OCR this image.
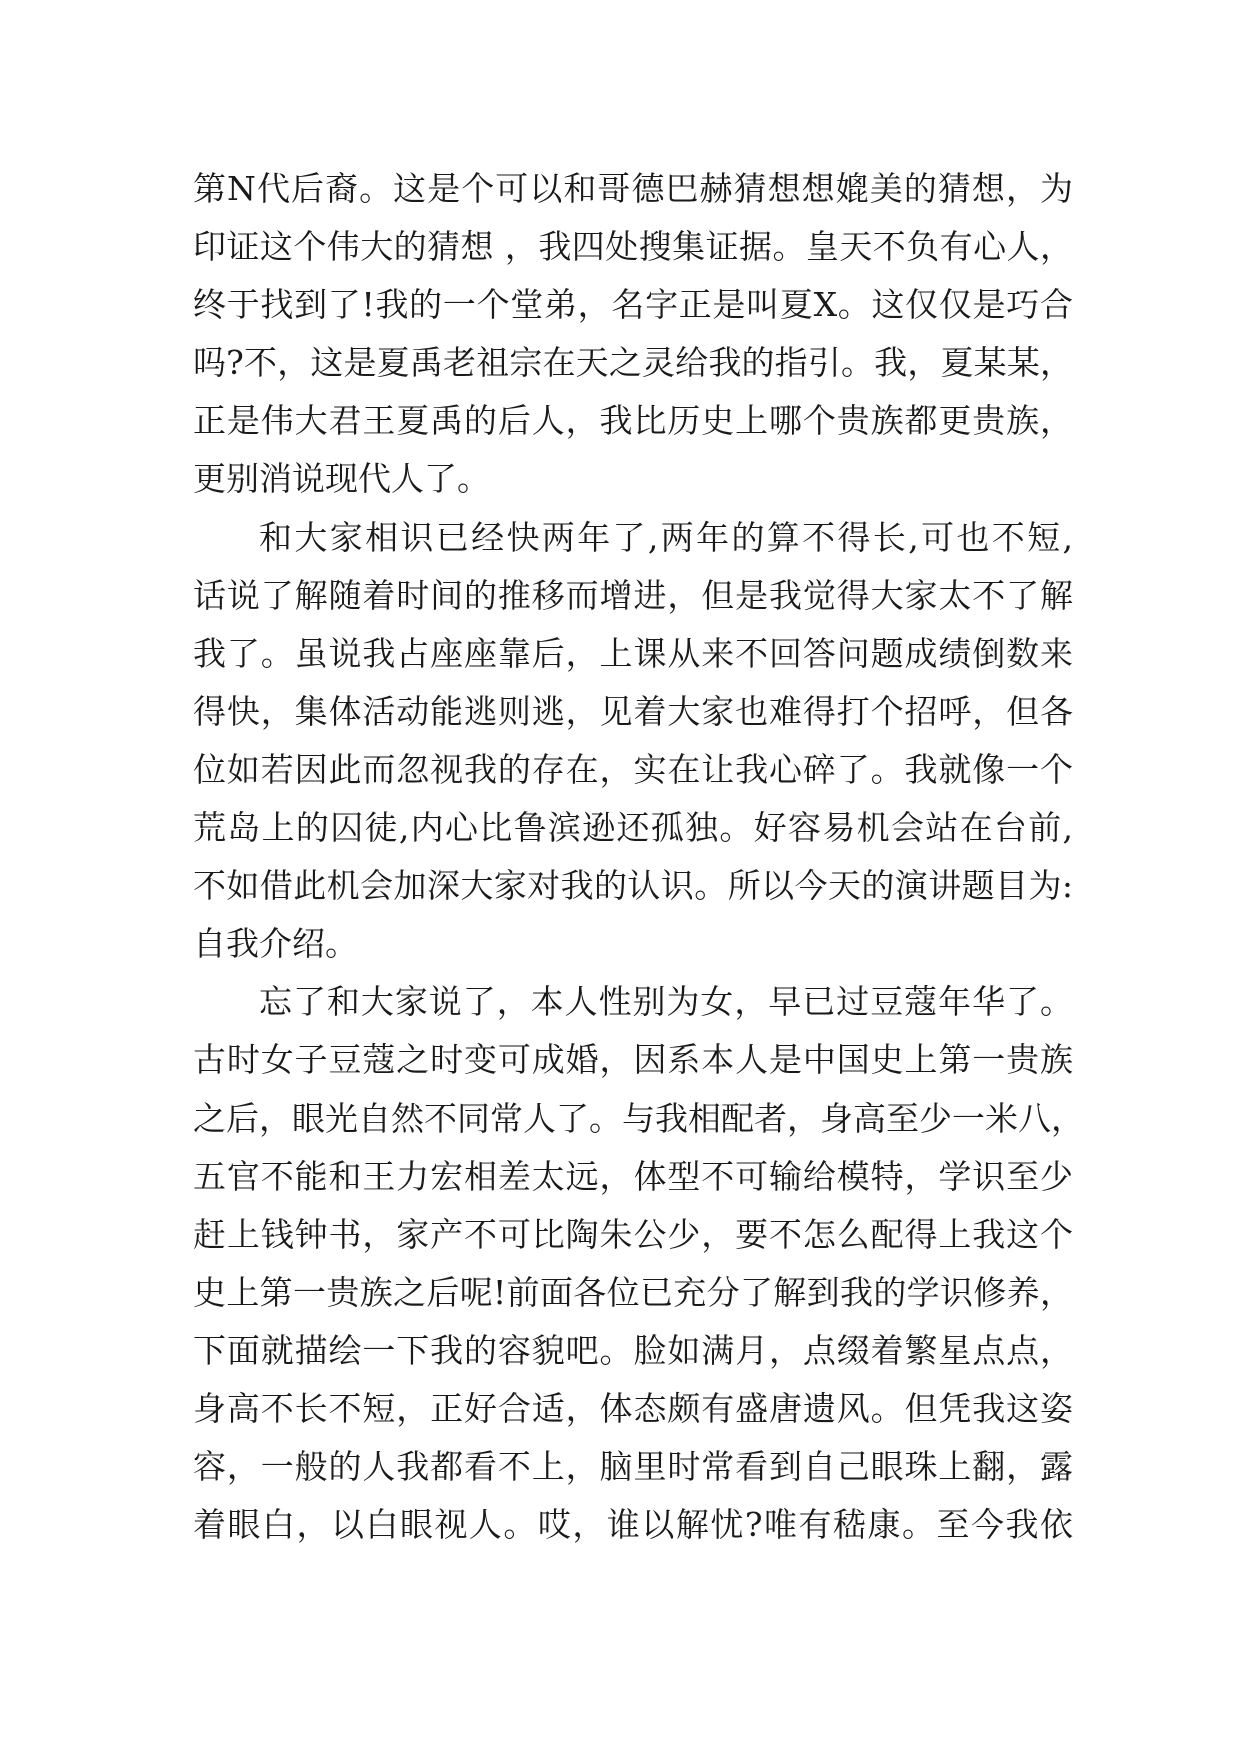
第N代后裔。这是个可以和哥德巴赫猜想想媲美的猜想，为
印证这个伟大的猜想 ，我四处搜集证据。皇天不负有心人，
终于找到了!我的一个堂弟，名字正是叫夏X。这仅仅是巧合
吗?不，这是夏禹老祖宗在天之灵给我的指引。我，夏某某，
正是伟大君王夏禹的后人，我比历史上哪个贵族都更贵族，
更别消说现代人了。
和大家相识已经快两年了,两年的算不得长,可也不短,
话说了解随着时间的推移而增进，但是我觉得大家太不了解
我了。虽说我占座座靠后，上课从来不回答问题成绩倒数来
得快，集体活动能逃则逃，见着大家也难得打个招呼，但各
位如若因此而忽视我的存在，实在让我心碎了。我就像一个
荒岛上的囚徒,内心比鲁滨逊还孤独。好容易机会站在台前,
不如借此机会加深大家对我的认识。所以今天的演讲题目为:
自我介绍。
忘了和大家说了，本人性别为女，早已过豆蔻年华了。
古时女子豆蔻之时变可成婚，因系本人是中国史上第一贵族
之后，眼光自然不同常人了。与我相配者，身高至少一米八，
五官不能和王力宏相差太远，体型不可输给模特，学识至少
赶上钱钟书，家产不可比陶朱公少，要不怎么配得上我这个
史上第一贵族之后呢!前面各位已充分了解到我的学识修养，
下面就描绘一下我的容貌吧。脸如满月，点缀着繁星点点，
身高不长不短，正好合适，体态颇有盛唐遗风。但凭我这姿
容，一般的人我都看不上，脑里时常看到自己眼珠上翻，露
着眼白，以白眼视人。哎，谁以解忧?唯有嵇康。至今我依
